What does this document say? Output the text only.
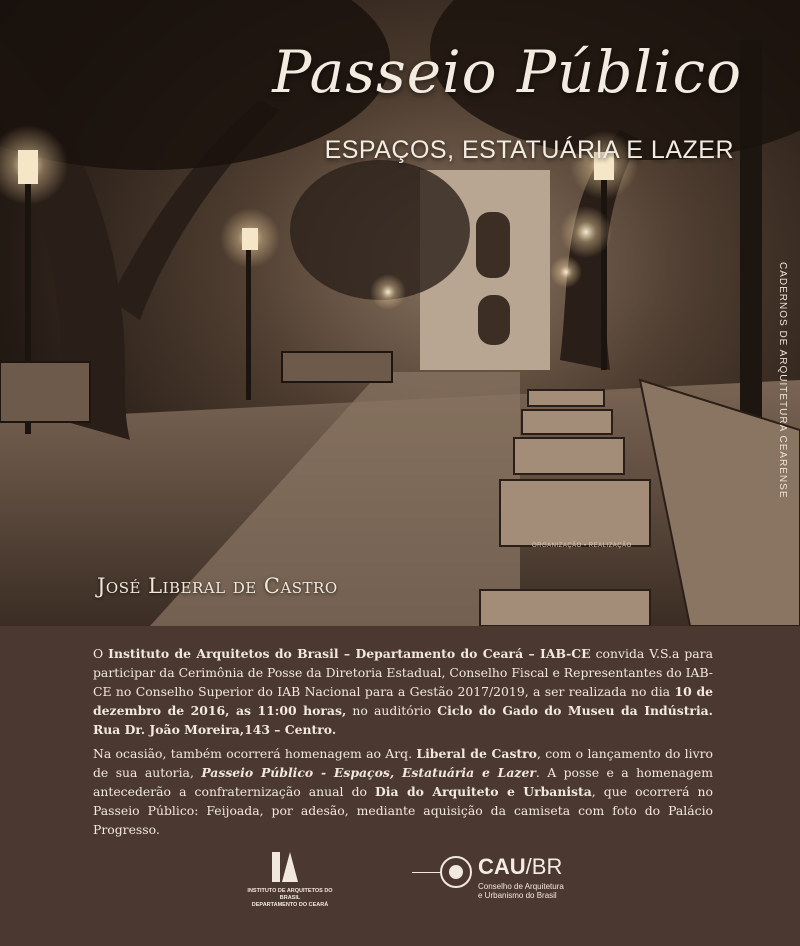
Passeio Público
ESPAÇOS, ESTATUÁRIA E LAZER
José Liberal de Castro
CADERNOS DE ARQUITETURA CEARENSE
ORGANIZAÇÃO • REALIZAÇÃO
O Instituto de Arquitetos do Brasil – Departamento do Ceará – IAB-CE convida V.S.a para participar da Cerimônia de Posse da Diretoria Estadual, Conselho Fiscal e Representantes do IAB-CE no Conselho Superior do IAB Nacional para a Gestão 2017/2019, a ser realizada no dia 10 de dezembro de 2016, as 11:00 horas, no auditório Ciclo do Gado do Museu da Indústria. Rua Dr. João Moreira,143 – Centro.
Na ocasião, também ocorrerá homenagem ao Arq. Liberal de Castro, com o lançamento do livro de sua autoria, Passeio Público - Espaços, Estatuária e Lazer. A posse e a homenagem antecederão a confraternização anual do Dia do Arquiteto e Urbanista, que ocorrerá no Passeio Público: Feijoada, por adesão, mediante aquisição da camiseta com foto do Palácio Progresso.
CE
INSTITUTO DE ARQUITETOS DO BRASIL
DEPARTAMENTO DO CEARÁ
CAU/BR
Conselho de Arquitetura
e Urbanismo do Brasil
